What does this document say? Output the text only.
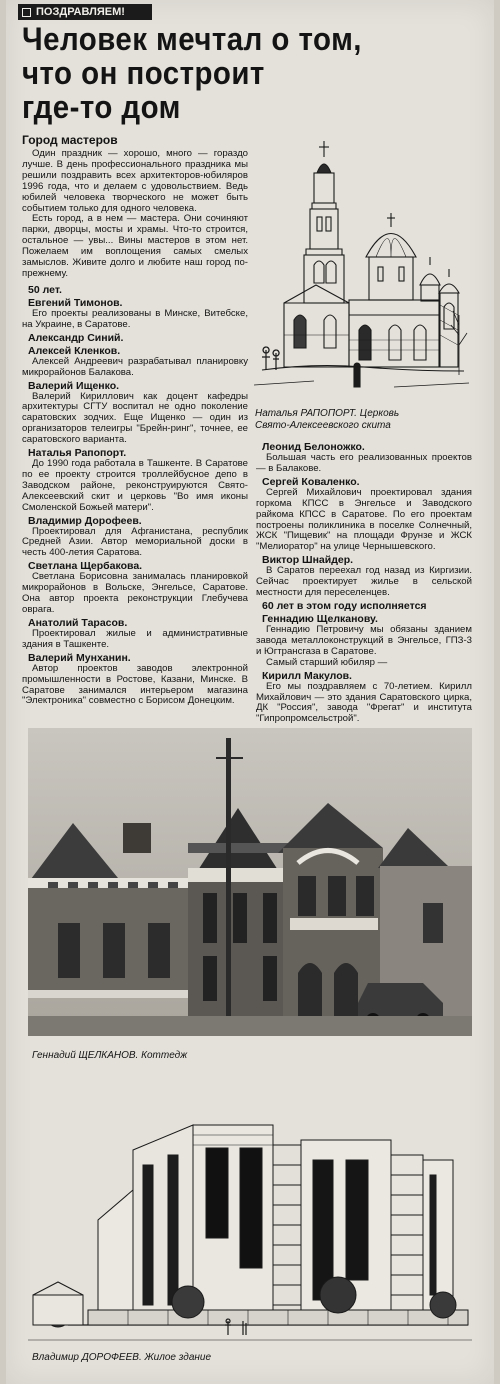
ПОЗДРАВЛЯЕМ!
Человек мечтал о том,
что он построит
где-то дом

Город мастеров

Один праздник — хорошо, много — гораздо лучше. В день профессионального праздника мы решили поздравить всех архитекторов-юбиляров 1996 года, что и делаем с удовольствием. Ведь юбилей человека творческого не может быть событием только для одного человека.

Есть город, а в нем — мастера. Они сочиняют парки, дворцы, мосты и храмы. Что-то строится, остальное — увы... Вины мастеров в этом нет. Пожелаем им воплощения самых смелых замыслов. Живите долго и любите наш город по-прежнему.

50 лет.

Евгений Тимонов.

Его проекты реализованы в Минске, Витебске, на Украине, в Саратове.

Александр Синий.

Алексей Кленков.

Алексей Андреевич разрабатывал планировку микрорайонов Балакова.

Валерий Ищенко.

Валерий Кириллович как доцент кафедры архитектуры СГТУ воспитал не одно поколение саратовских зодчих. Еще Ищенко — один из организаторов телеигры "Брейн-ринг", точнее, ее саратовского варианта.

Наталья Рапопорт.

До 1990 года работала в Ташкенте. В Саратове по ее проекту строится троллейбусное депо в Заводском районе, реконструируются Свято-Алексеевский скит и церковь "Во имя иконы Смоленской Божьей матери".

Владимир Дорофеев.

Проектировал для Афганистана, республик Средней Азии. Автор мемориальной доски в честь 400-летия Саратова.

Светлана Щербакова.

Светлана Борисовна занималась планировкой микрорайонов в Вольске, Энгельсе, Саратове. Она автор проекта реконструкции Глебучева оврага.

Анатолий Тарасов.

Проектировал жилые и административные здания в Ташкенте.

Валерий Мунханин.

Автор проектов заводов электронной промышленности в Ростове, Казани, Минске. В Саратове занимался интерьером магазина "Электроника" совместно с Борисом Донецким.

Наталья РАПОПОРТ. Церковь
Свято-Алексеевского скита

Леонид Белоножко.

Большая часть его реализованных проектов — в Балакове.

Сергей Коваленко.

Сергей Михайлович проектировал здания горкома КПСС в Энгельсе и Заводского райкома КПСС в Саратове. По его проектам построены поликлиника в поселке Солнечный, ЖСК "Пищевик" на площади Фрунзе и ЖСК "Мелиоратор" на улице Чернышевского.

Виктор Шнайдер.

В Саратов переехал год назад из Киргизии. Сейчас проектирует жилье в сельской местности для переселенцев.

60 лет в этом году исполняется

Геннадию Щелканову.

Геннадию Петровичу мы обязаны зданием завода металлоконструкций в Энгельсе, ГПЗ-3 и Югтрансгаза в Саратове.

Самый старший юбиляр —

Кирилл Макулов.

Его мы поздравляем с 70-летием. Кирилл Михайлович — это здания Саратовского цирка, ДК "Россия", завода "Фрегат" и института "Гипропромсельстрой".

Геннадий ЩЕЛКАНОВ. Коттедж
Владимир ДОРОФЕЕВ. Жилое здание
